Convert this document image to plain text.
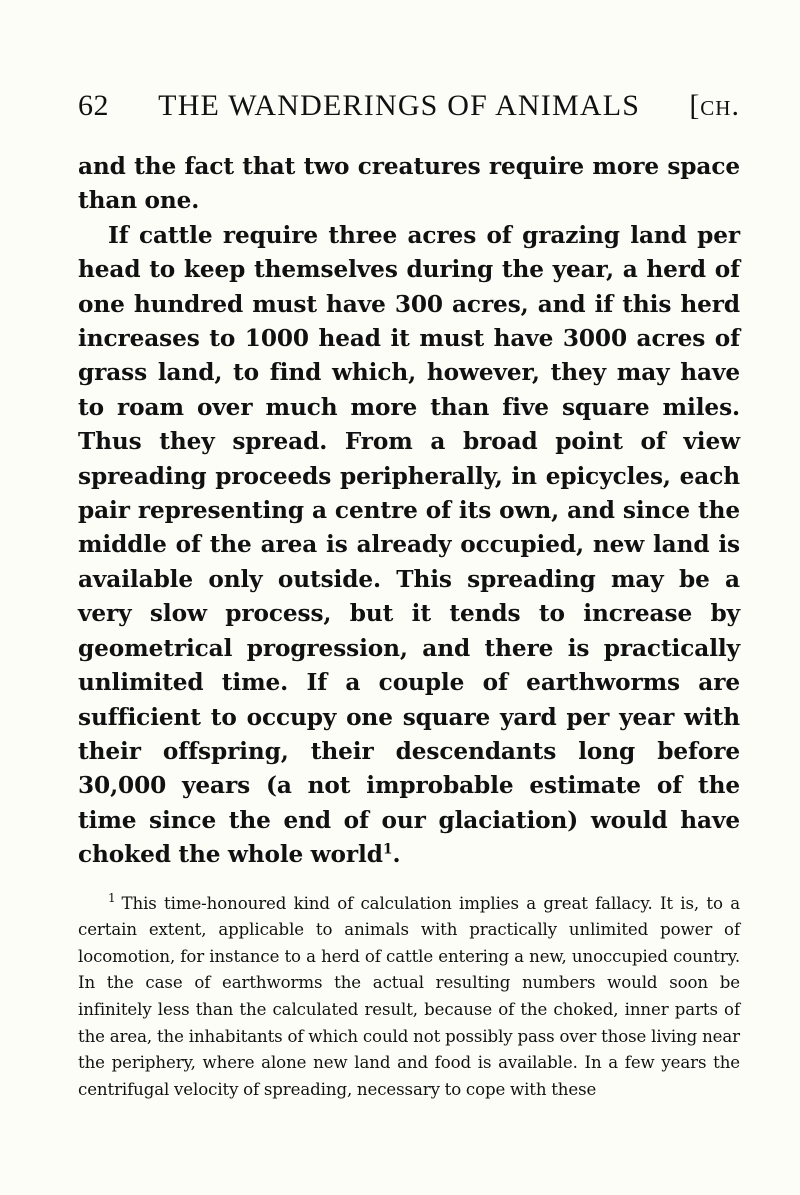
62 THE WANDERINGS OF ANIMALS [ch.

and the fact that two creatures require more space than one.

If cattle require three acres of grazing land per head to keep themselves during the year, a herd of one hundred must have 300 acres, and if this herd increases to 1000 head it must have 3000 acres of grass land, to find which, however, they may have to roam over much more than five square miles. Thus they spread. From a broad point of view spreading proceeds peripherally, in epicycles, each pair representing a centre of its own, and since the middle of the area is already occupied, new land is available only outside. This spreading may be a very slow process, but it tends to increase by geometrical progression, and there is practically unlimited time. If a couple of earthworms are sufficient to occupy one square yard per year with their offspring, their descendants long before 30,000 years (a not improbable estimate of the time since the end of our glaciation) would have choked the whole world$^1$.

$^1$ This time-honoured kind of calculation implies a great fallacy. It is, to a certain extent, applicable to animals with practically unlimited power of locomotion, for instance to a herd of cattle entering a new, unoccupied country. In the case of earthworms the actual resulting numbers would soon be infinitely less than the calculated result, because of the choked, inner parts of the area, the inhabitants of which could not possibly pass over those living near the periphery, where alone new land and food is available. In a few years the centrifugal velocity of spreading, necessary to cope with these
